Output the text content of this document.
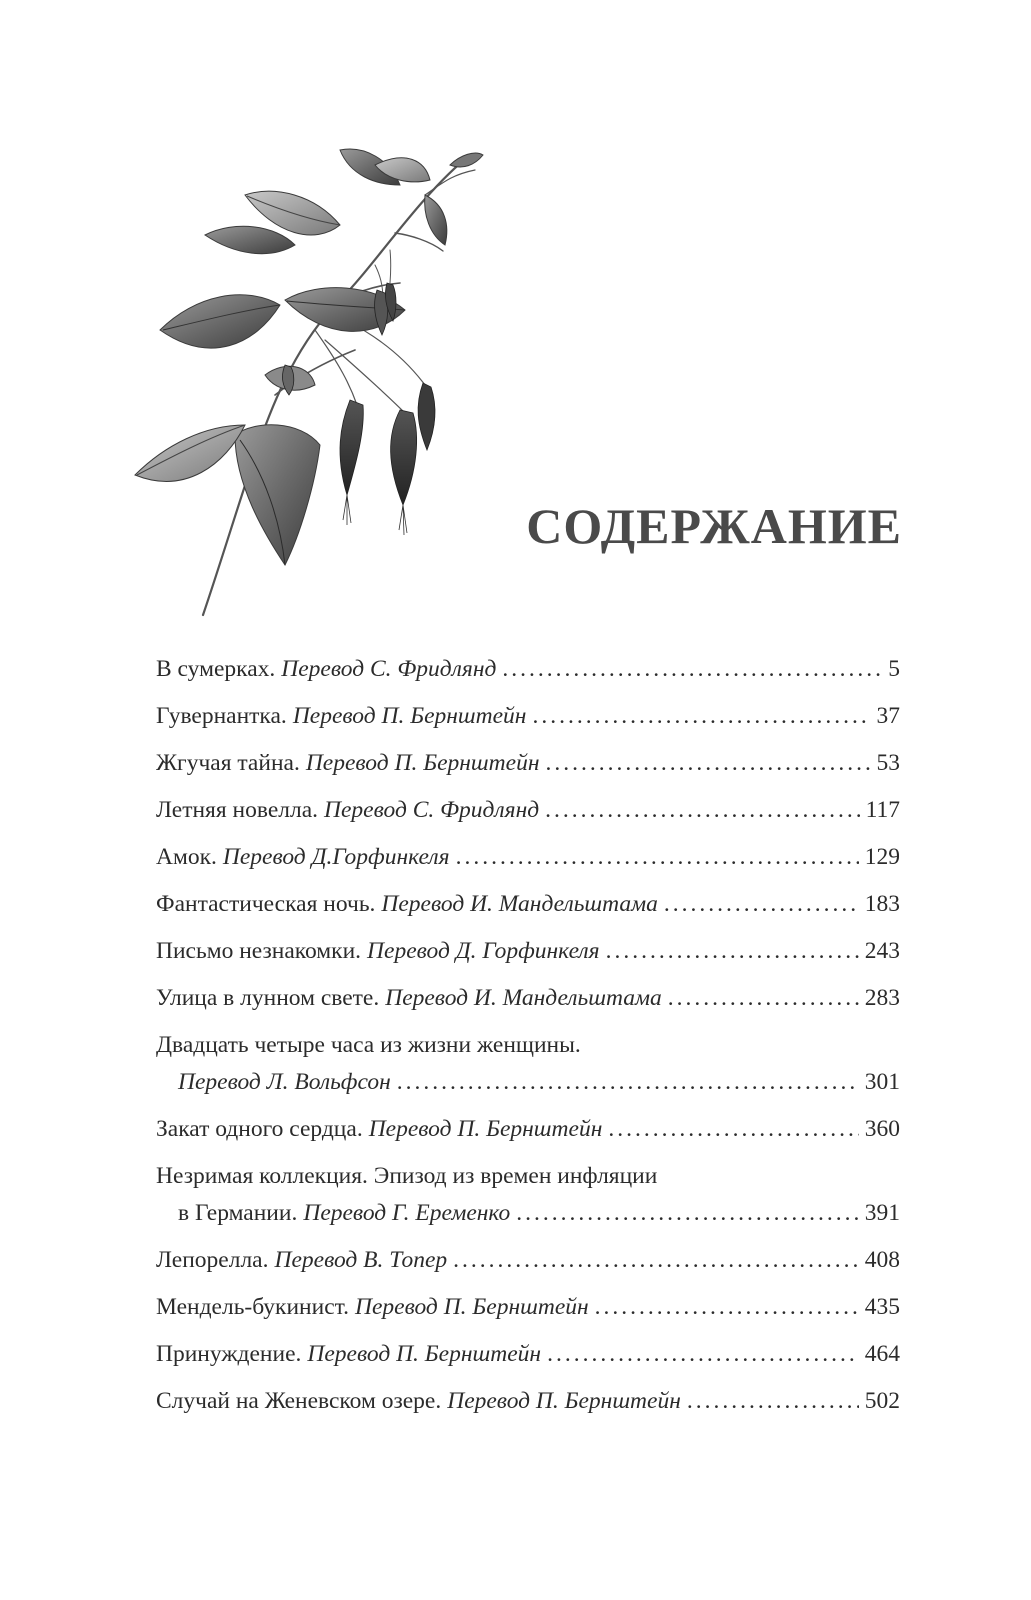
СОДЕРЖАНИЕ
В сумерках. Перевод С. Фридлянд .....	5
Гувернантка. Перевод П. Бернштейн .....	37
Жгучая тайна. Перевод П. Бернштейн .....	53
Летняя новелла. Перевод С. Фридлянд .....	117
Амок. Перевод Д.Горфинкеля .....	129
Фантастическая ночь. Перевод И. Мандельштама .....	183
Письмо незнакомки. Перевод Д. Горфинкеля .....	243
Улица в лунном свете. Перевод И. Мандельштама .....	283
Двадцать четыре часа из жизни женщины.
Перевод Л. Вольфсон .....	301
Закат одного сердца. Перевод П. Бернштейн .....	360
Незримая коллекция. Эпизод из времен инфляции
в Германии. Перевод Г. Еременко .....	391
Лепорелла. Перевод В. Топер .....	408
Мендель-букинист. Перевод П. Бернштейн .....	435
Принуждение. Перевод П. Бернштейн .....	464
Случай на Женевском озере. Перевод П. Бернштейн .....	502
